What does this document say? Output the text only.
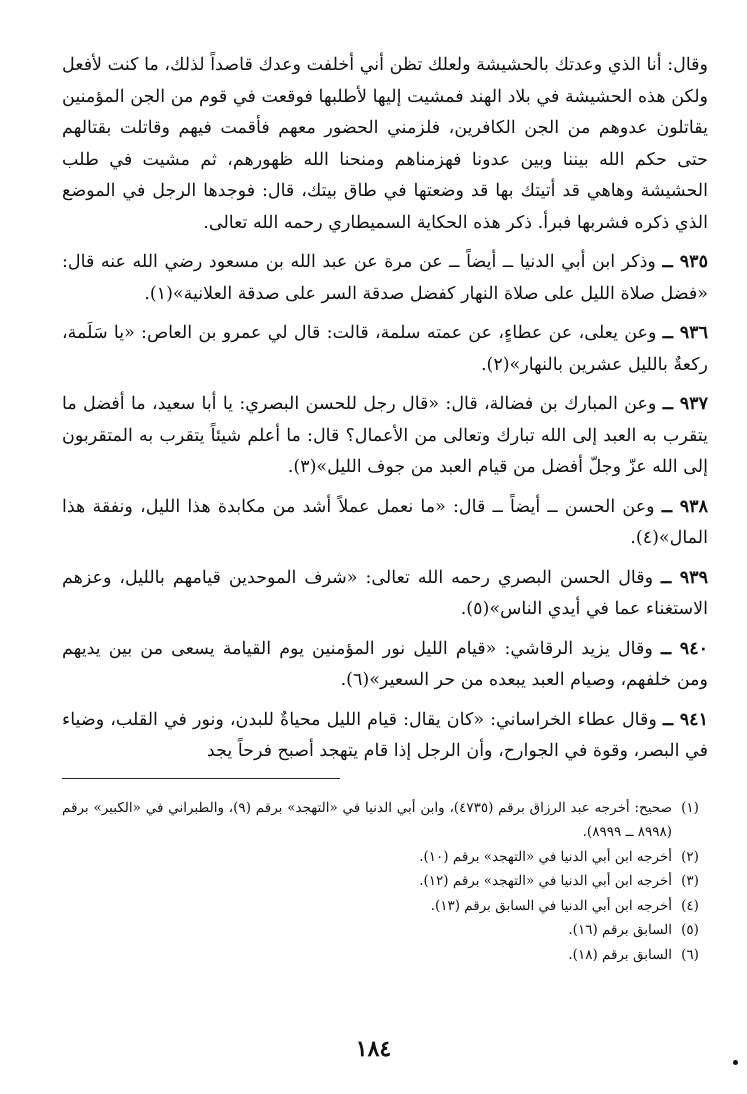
وقال: أنا الذي وعدتك بالحشيشة ولعلك تظن أني أخلفت وعدك قاصداً لذلك، ما كنت لأفعل ولكن هذه الحشيشة في بلاد الهند فمشيت إليها لأطلبها فوقعت في قوم من الجن المؤمنين يقاتلون عدوهم من الجن الكافرين، فلزمني الحضور معهم فأقمت فيهم وقاتلت بقتالهم حتى حكم الله بيننا وبين عدونا فهزمناهم ومنحنا الله ظهورهم، ثم مشيت في طلب الحشيشة وهاهي قد أتيتك بها قد وضعتها في طاق بيتك، قال: فوجدها الرجل في الموضع الذي ذكره فشربها فبرأ. ذكر هذه الحكاية السميطاري رحمه الله تعالى.

٩٣٥ ــ وذكر ابن أبي الدنيا ــ أيضاً ــ عن مرة عن عبد الله بن مسعود رضي الله عنه قال: «فضل صلاة الليل على صلاة النهار كفضل صدقة السر على صدقة العلانية»(١).

٩٣٦ ــ وعن يعلى، عن عطاءٍ، عن عمته سلمة، قالت: قال لي عمرو بن العاص: «يا سَلَمة، ركعةٌ بالليل عشرين بالنهار»(٢).

٩٣٧ ــ وعن المبارك بن فضالة، قال: «قال رجل للحسن البصري: يا أبا سعيد، ما أفضل ما يتقرب به العبد إلى الله تبارك وتعالى من الأعمال؟ قال: ما أعلم شيئاً يتقرب به المتقربون إلى الله عزّ وجلّ أفضل من قيام العبد من جوف الليل»(٣).

٩٣٨ ــ وعن الحسن ــ أيضاً ــ قال: «ما نعمل عملاً أشد من مكابدة هذا الليل، ونفقة هذا المال»(٤).

٩٣٩ ــ وقال الحسن البصري رحمه الله تعالى: «شرف الموحدين قيامهم بالليل، وعزهم الاستغناء عما في أيدي الناس»(٥).

٩٤٠ ــ وقال يزيد الرقاشي: «قيام الليل نور المؤمنين يوم القيامة يسعى من بين يديهم ومن خلفهم، وصيام العبد يبعده من حر السعير»(٦).

٩٤١ ــ وقال عطاء الخراساني: «كان يقال: قيام الليل محياةٌ للبدن، ونور في القلب، وضياء في البصر، وقوة في الجوارح، وأن الرجل إذا قام يتهجد أصبح فرحاً يجد

(١)
صحيح: أخرجه عبد الرزاق برقم (٤٧٣٥)، وابن أبي الدنيا في «التهجد» برقم (٩)، والطبراني في «الكبير» برقم (٨٩٩٨ ــ ٨٩٩٩).
(٢)
أخرجه ابن أبي الدنيا في «التهجد» برقم (١٠).
(٣)
أخرجه ابن أبي الدنيا في «التهجد» برقم (١٢).
(٤)
أخرجه ابن أبي الدنيا في السابق برقم (١٣).
(٥)
السابق برقم (١٦).
(٦)
السابق برقم (١٨).
١٨٤
